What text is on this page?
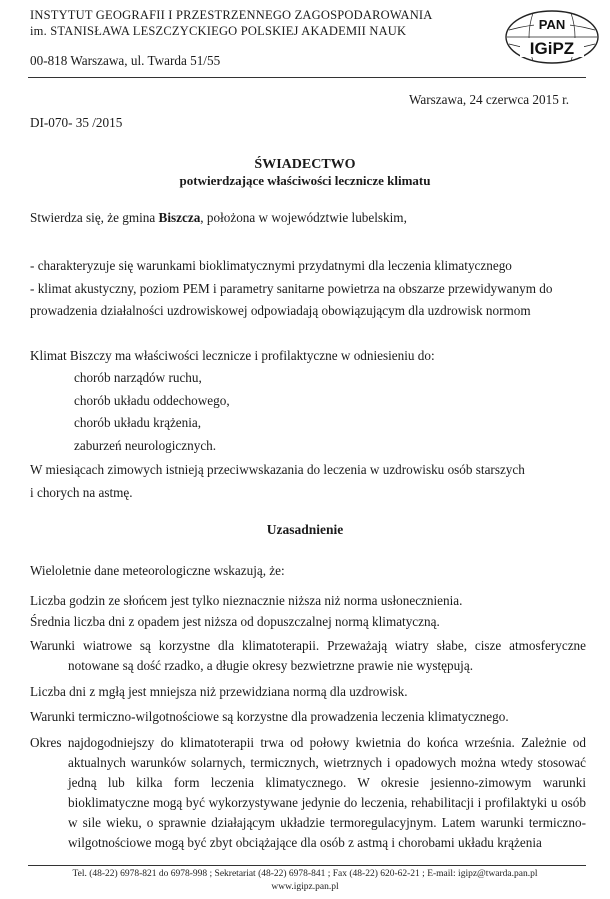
INSTYTUT GEOGRAFII I PRZESTRZENNEGO ZAGOSPODAROWANIA
im. STANISŁAWA LESZCZYCKIEGO POLSKIEJ AKADEMII NAUK
00-818 Warszawa, ul. Twarda 51/55
PAN
IGiPZ
Warszawa, 24 czerwca 2015 r.
DI-070- 35 /2015
ŚWIADECTWO
potwierdzające właściwości lecznicze klimatu
Stwierdza się, że gmina Biszcza, położona w województwie lubelskim,
- charakteryzuje się warunkami bioklimatycznymi przydatnymi dla leczenia klimatycznego
- klimat akustyczny, poziom PEM i parametry sanitarne powietrza na obszarze przewidywanym do
prowadzenia działalności uzdrowiskowej odpowiadają obowiązującym dla uzdrowisk normom
Klimat Biszczy ma właściwości lecznicze i profilaktyczne w odniesieniu do:
chorób narządów ruchu,
chorób układu oddechowego,
chorób układu krążenia,
zaburzeń neurologicznych.
W miesiącach zimowych istnieją przeciwwskazania do leczenia w uzdrowisku osób starszych
i chorych na astmę.
Uzasadnienie
Wieloletnie dane meteorologiczne wskazują, że:
Liczba godzin ze słońcem jest tylko nieznacznie niższa niż norma usłonecznienia.
Średnia liczba dni z opadem jest niższa od dopuszczalnej normą klimatyczną.
Warunki wiatrowe są korzystne dla klimatoterapii. Przeważają wiatry słabe, ciszе atmosferyczne
notowane są dość rzadko, a długie okresy bezwietrzne prawie nie występują.
Liczba dni z mgłą jest mniejsza niż przewidziana normą dla uzdrowisk.
Warunki termiczno-wilgotnościowe są korzystne dla prowadzenia leczenia klimatycznego.
Okres najdogodniejszy do klimatoterapii trwa od połowy kwietnia do końca września. Zależnie od
aktualnych warunków solarnych, termicznych, wietrznych i opadowych można wtedy stosować
jedną lub kilka form leczenia klimatycznego. W okresie jesienno-zimowym warunki
bioklimatyczne mogą być wykorzystywane jedynie do leczenia, rehabilitacji i profilaktyki u osób
w sile wieku, o sprawnie działającym układzie termoregulacyjnym. Latem warunki termiczno-
wilgotnościowe mogą być zbyt obciążające dla osób z astmą i chorobami układu krążenia
Tel. (48-22) 6978-821 do 6978-998 ; Sekretariat (48-22) 6978-841 ; Fax (48-22) 620-62-21 ; E-mail: igipz@twarda.pan.pl
www.igipz.pan.pl
